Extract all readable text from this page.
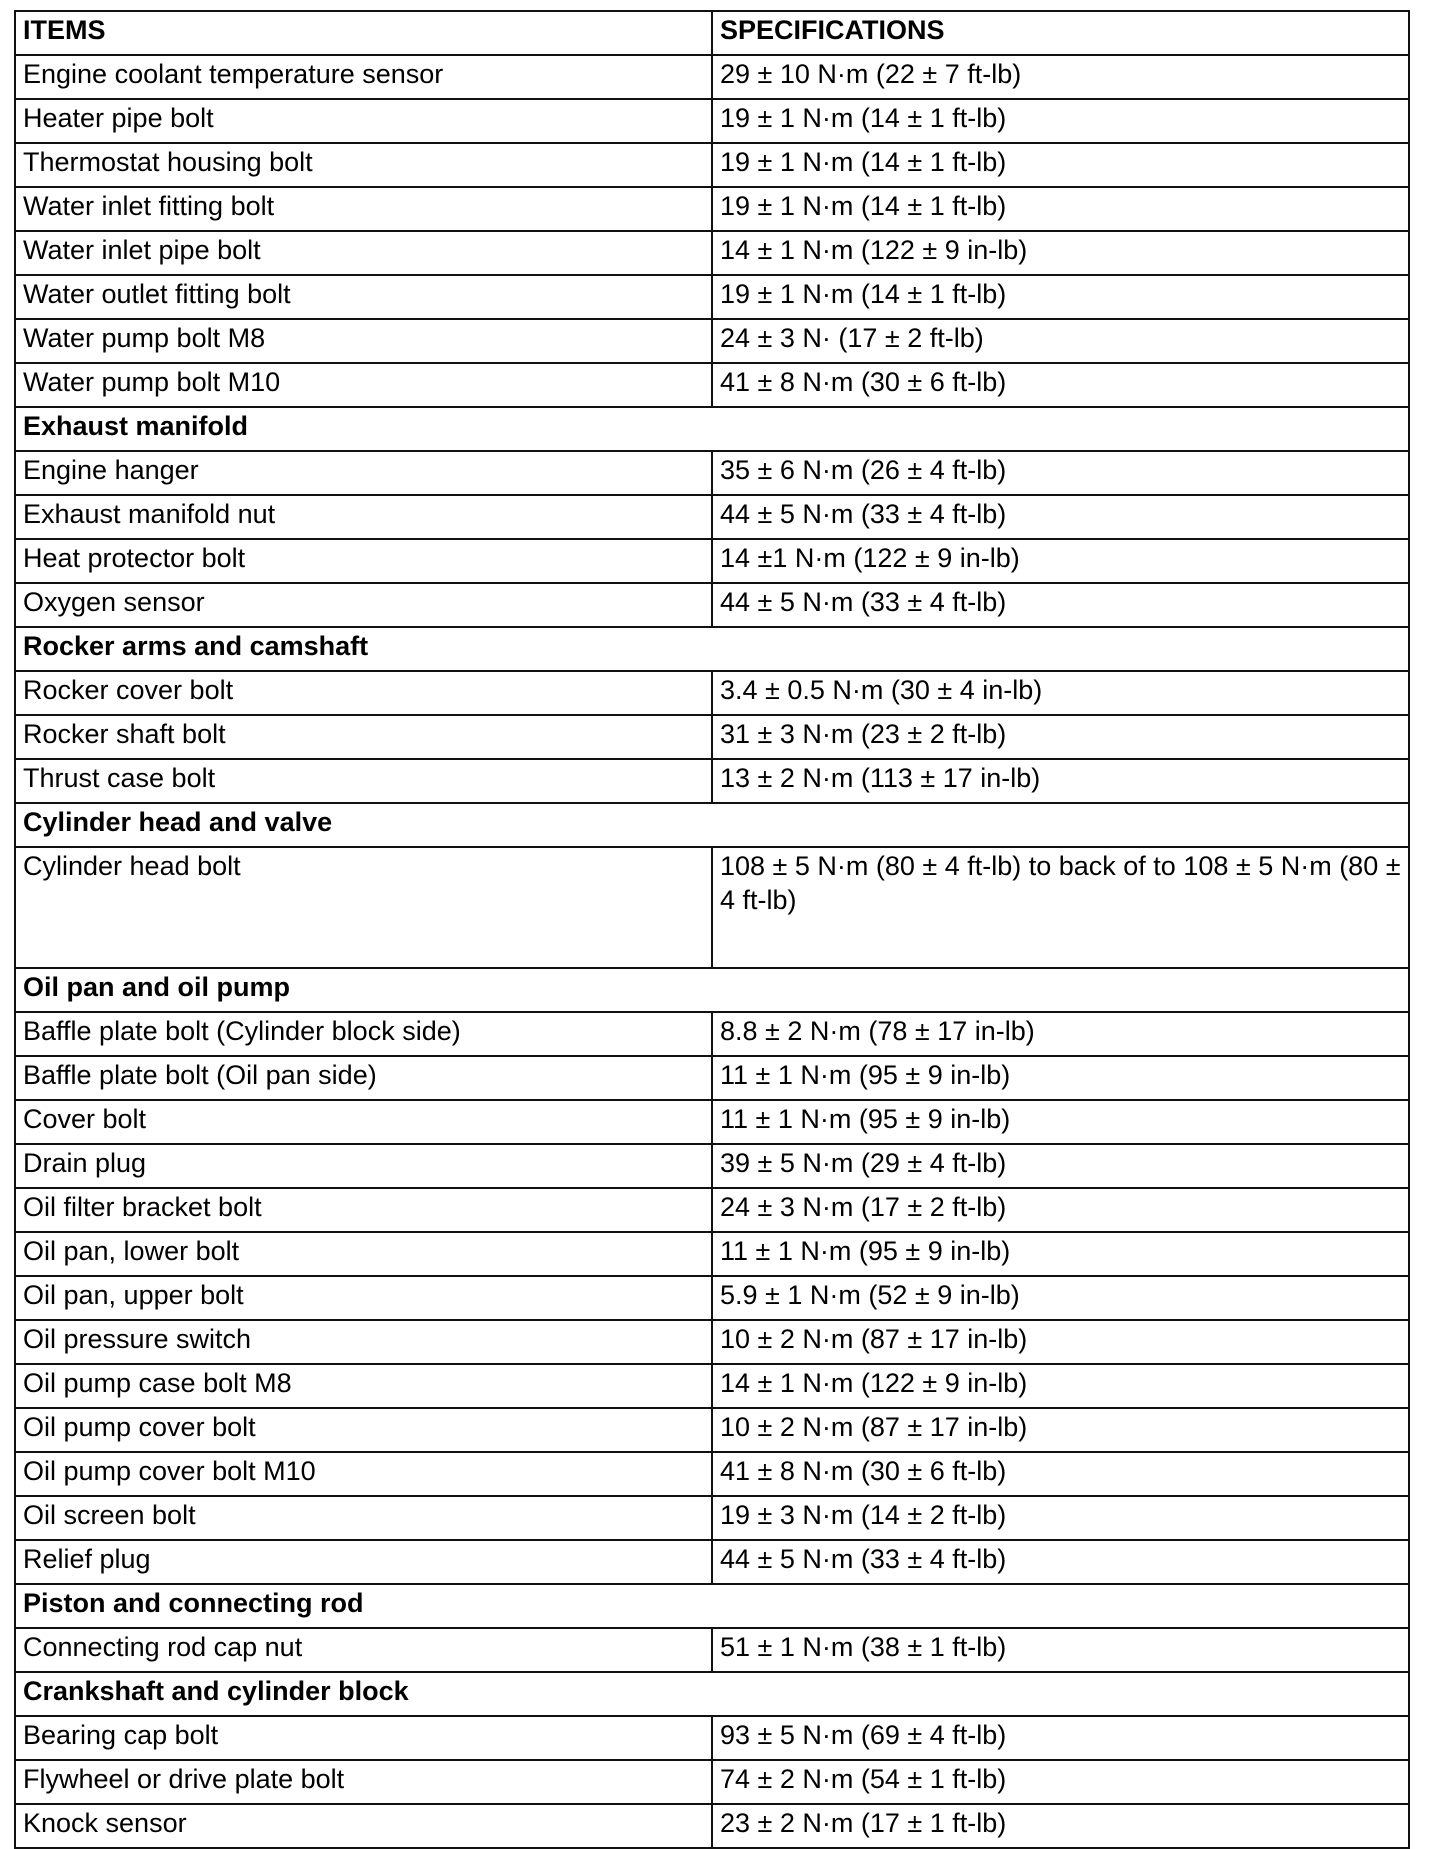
ITEMS	SPECIFICATIONS
Engine coolant temperature sensor	29 ± 10 N·m (22 ± 7 ft-lb)
Heater pipe bolt	19 ± 1 N·m (14 ± 1 ft-lb)
Thermostat housing bolt	19 ± 1 N·m (14 ± 1 ft-lb)
Water inlet fitting bolt	19 ± 1 N·m (14 ± 1 ft-lb)
Water inlet pipe bolt	14 ± 1 N·m (122 ± 9 in-lb)
Water outlet fitting bolt	19 ± 1 N·m (14 ± 1 ft-lb)
Water pump bolt M8	24 ± 3 N· (17 ± 2 ft-lb)
Water pump bolt M10	41 ± 8 N·m (30 ± 6 ft-lb)
Exhaust manifold	
Engine hanger	35 ± 6 N·m (26 ± 4 ft-lb)
Exhaust manifold nut	44 ± 5 N·m (33 ± 4 ft-lb)
Heat protector bolt	14 ±1 N·m (122 ± 9 in-lb)
Oxygen sensor	44 ± 5 N·m (33 ± 4 ft-lb)
Rocker arms and camshaft	
Rocker cover bolt	3.4 ± 0.5 N·m (30 ± 4 in-lb)
Rocker shaft bolt	31 ± 3 N·m (23 ± 2 ft-lb)
Thrust case bolt	13 ± 2 N·m (113 ± 17 in-lb)
Cylinder head and valve	
Cylinder head bolt	108 ± 5 N·m (80 ± 4 ft-lb) to back of to 108 ± 5 N·m (80 ± 4 ft-lb)
Oil pan and oil pump	
Baffle plate bolt (Cylinder block side)	8.8 ± 2 N·m (78 ± 17 in-lb)
Baffle plate bolt (Oil pan side)	11 ± 1 N·m (95 ± 9 in-lb)
Cover bolt	11 ± 1 N·m (95 ± 9 in-lb)
Drain plug	39 ± 5 N·m (29 ± 4 ft-lb)
Oil filter bracket bolt	24 ± 3 N·m (17 ± 2 ft-lb)
Oil pan, lower bolt	11 ± 1 N·m (95 ± 9 in-lb)
Oil pan, upper bolt	5.9 ± 1 N·m (52 ± 9 in-lb)
Oil pressure switch	10 ± 2 N·m (87 ± 17 in-lb)
Oil pump case bolt M8	14 ± 1 N·m (122 ± 9 in-lb)
Oil pump cover bolt	10 ± 2 N·m (87 ± 17 in-lb)
Oil pump cover bolt M10	41 ± 8 N·m (30 ± 6 ft-lb)
Oil screen bolt	19 ± 3 N·m (14 ± 2 ft-lb)
Relief plug	44 ± 5 N·m (33 ± 4 ft-lb)
Piston and connecting rod	
Connecting rod cap nut	51 ± 1 N·m (38 ± 1 ft-lb)
Crankshaft and cylinder block	
Bearing cap bolt	93 ± 5 N·m (69 ± 4 ft-lb)
Flywheel or drive plate bolt	74 ± 2 N·m (54 ± 1 ft-lb)
Knock sensor	23 ± 2 N·m (17 ± 1 ft-lb)
